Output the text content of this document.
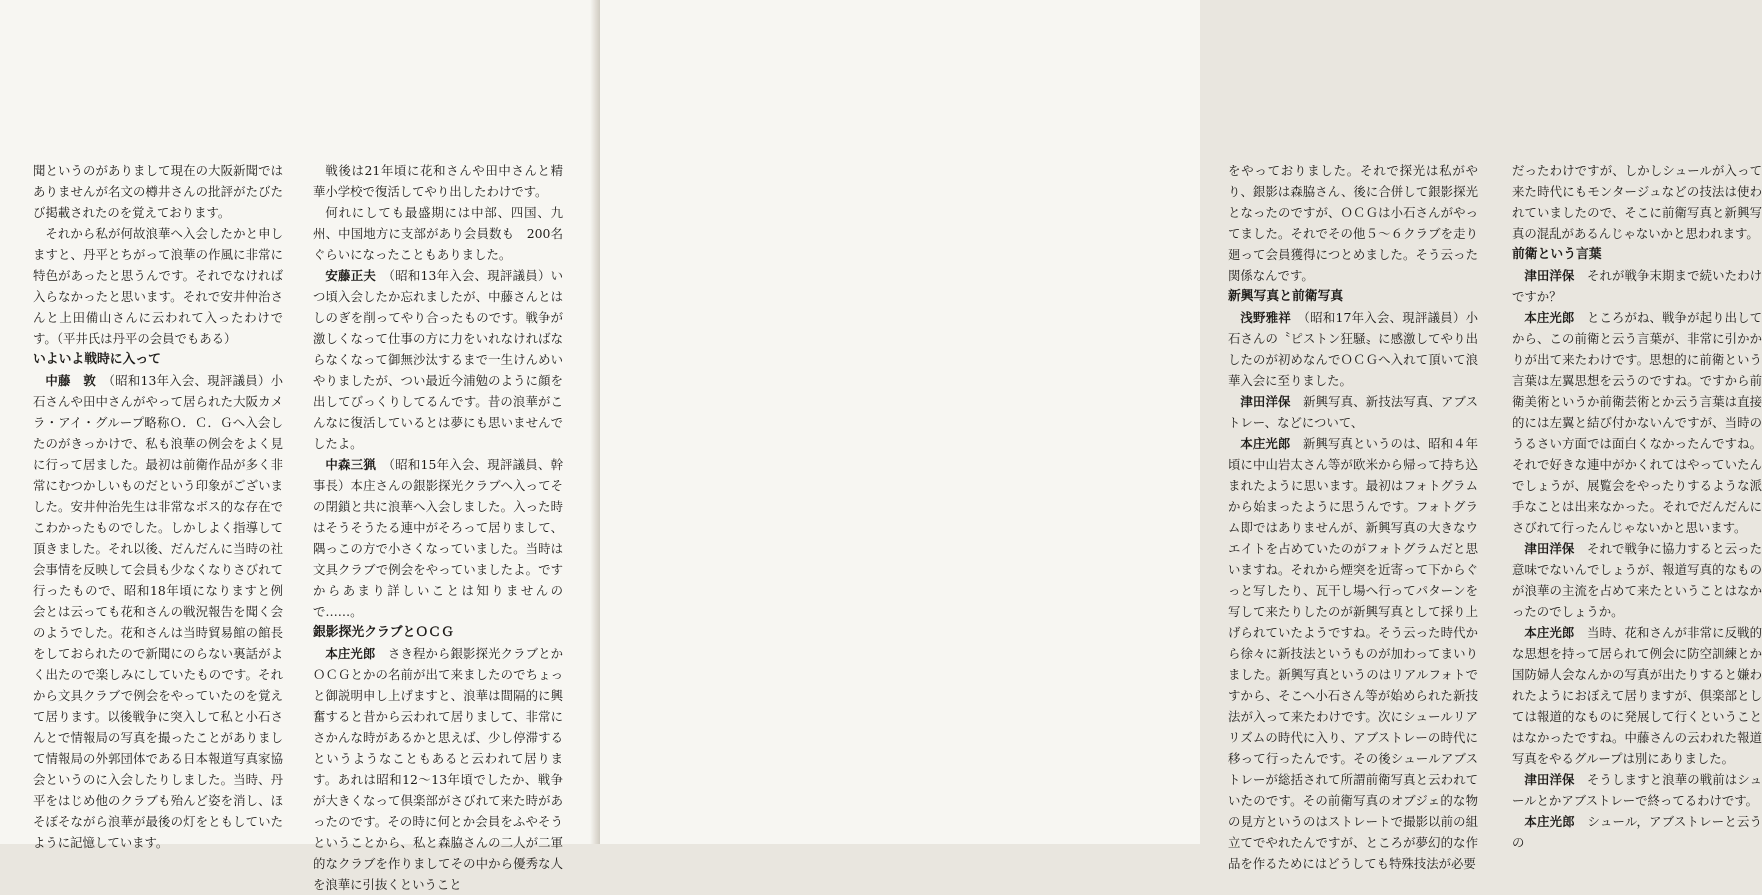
聞というのがありまして現在の大阪新聞ではありませんが名文の樽井さんの批評がたびたび掲載されたのを覚えております。

それから私が何故浪華へ入会したかと申しますと、丹平とちがって浪華の作風に非常に特色があったと思うんです。それでなければ入らなかったと思います。それで安井仲治さんと上田備山さんに云われて入ったわけです。（平井氏は丹平の会員でもある）

いよいよ戦時に入って

中藤　敦　 （昭和13年入会、現評議員）小石さんや田中さんがやって居られた大阪カメラ・アイ・グループ略称Ｏ．Ｃ．Ｇへ入会したのがきっかけで、私も浪華の例会をよく見に行って居ました。最初は前衛作品が多く非常にむつかしいものだという印象がございました。安井仲治先生は非常なボス的な存在でこわかったものでした。しかしよく指導して頂きました。それ以後、だんだんに当時の社会事情を反映して会員も少なくなりさびれて行ったもので、昭和18年頃になりますと例会とは云っても花和さんの戦況報告を聞く会のようでした。花和さんは当時貿易館の館長をしておられたので新聞にのらない裏話がよく出たので楽しみにしていたものです。それから文具クラブで例会をやっていたのを覚えて居ります。以後戦争に突入して私と小石さんとで情報局の写真を撮ったことがありまして情報局の外郭団体である日本報道写真家協会というのに入会したりしました。当時、丹平をはじめ他のクラブも殆んど姿を消し、ほそぼそながら浪華が最後の灯をともしていたように記憶しています。

戦後は21年頃に花和さんや田中さんと精華小学校で復活してやり出したわけです。

何れにしても最盛期には中部、四国、九州、中国地方に支部があり会員数も　200名ぐらいになったこともありました。

安藤正夫　 （昭和13年入会、現評議員）いつ頃入会したか忘れましたが、中藤さんとはしのぎを削ってやり合ったものです。戦争が激しくなって仕事の方に力をいれなければならなくなって御無沙汰するまで一生けんめいやりましたが、つい最近今浦勉のように顔を出してびっくりしてるんです。昔の浪華がこんなに復活しているとは夢にも思いませんでしたよ。

中森三猟　 （昭和15年入会、現評議員、幹事長）本庄さんの銀影探光クラブへ入ってその閉鎖と共に浪華へ入会しました。入った時はそうそうたる連中がそろって居りまして、隅っこの方で小さくなっていました。当時は文具クラブで例会をやっていましたよ。ですからあまり詳しいことは知りませんので……。

銀影探光クラブとＯＣＧ

本庄光郎　 さき程から銀影探光クラブとかＯＣＧとかの名前が出て来ましたのでちょっと御説明申し上げますと、浪華は間隔的に興奮すると昔から云われて居りまして、非常にさかんな時があるかと思えば、少し停滞するというようなこともあると云われて居ります。あれは昭和12～13年頃でしたか、戦争が大きくなって倶楽部がさびれて来た時があったのです。その時に何とか会員をふやそうということから、私と森脇さんの二人が二軍的なクラブを作りましてその中から優秀な人を浪華に引抜くということ

をやっておりました。それで探光は私がやり、銀影は森脇さん、後に合併して銀影探光となったのですが、ＯＣＧは小石さんがやってました。それでその他５～６クラブを走り廻って会員獲得につとめました。そう云った関係なんです。

新興写真と前衛写真

浅野雅祥　 （昭和17年入会、現評議員）小石さんの〝ピストン狂騒〟に感激してやり出したのが初めなんでＯＣＧへ入れて頂いて浪華入会に至りました。

津田洋保　 新興写真、新技法写真、アブストレー、などについて、

本庄光郎　 新興写真というのは、昭和４年頃に中山岩太さん等が欧米から帰って持ち込まれたように思います。最初はフォトグラムから始まったように思うんです。フォトグラム即ではありませんが、新興写真の大きなウエイトを占めていたのがフォトグラムだと思いますね。それから煙突を近寄って下からぐっと写したり、瓦干し場へ行ってパターンを写して来たりしたのが新興写真として採り上げられていたようですね。そう云った時代から徐々に新技法というものが加わってまいりました。新興写真というのはリアルフォトですから、そこへ小石さん等が始められた新技法が入って来たわけです。次にシュールリアリズムの時代に入り、アブストレーの時代に移って行ったんです。その後シュールアブストレーが総括されて所謂前衛写真と云われていたのです。その前衛写真のオブジェ的な物の見方というのはストレートで撮影以前の組立てでやれたんですが、ところが夢幻的な作品を作るためにはどうしても特殊技法が必要

だったわけですが、しかしシュールが入って来た時代にもモンタージュなどの技法は使われていましたので、そこに前衛写真と新興写真の混乱があるんじゃないかと思われます。

前衛という言葉

津田洋保　 それが戦争末期まで続いたわけですか？

本庄光郎　 ところがね、戦争が起り出してから、この前衛と云う言葉が、非常に引かかりが出て来たわけです。思想的に前衛という言葉は左翼思想を云うのですね。ですから前衛美術というか前衛芸術とか云う言葉は直接的には左翼と結び付かないんですが、当時のうるさい方面では面白くなかったんですね。それで好きな連中がかくれてはやっていたんでしょうが、展覧会をやったりするような派手なことは出来なかった。それでだんだんにさびれて行ったんじゃないかと思います。

津田洋保　 それで戦争に協力すると云った意味でないんでしょうが、報道写真的なものが浪華の主流を占めて来たということはなかったのでしょうか。

本庄光郎　 当時、花和さんが非常に反戦的な思想を持って居られて例会に防空訓練とか国防婦人会なんかの写真が出たりすると嫌われたようにおぼえて居りますが、倶楽部としては報道的なものに発展して行くということはなかったですね。中藤さんの云われた報道写真をやるグループは別にありました。

津田洋保　 そうしますと浪華の戦前はシュールとかアブストレーで終ってるわけです。

本庄光郎　 シュール，アブストレーと云うの
